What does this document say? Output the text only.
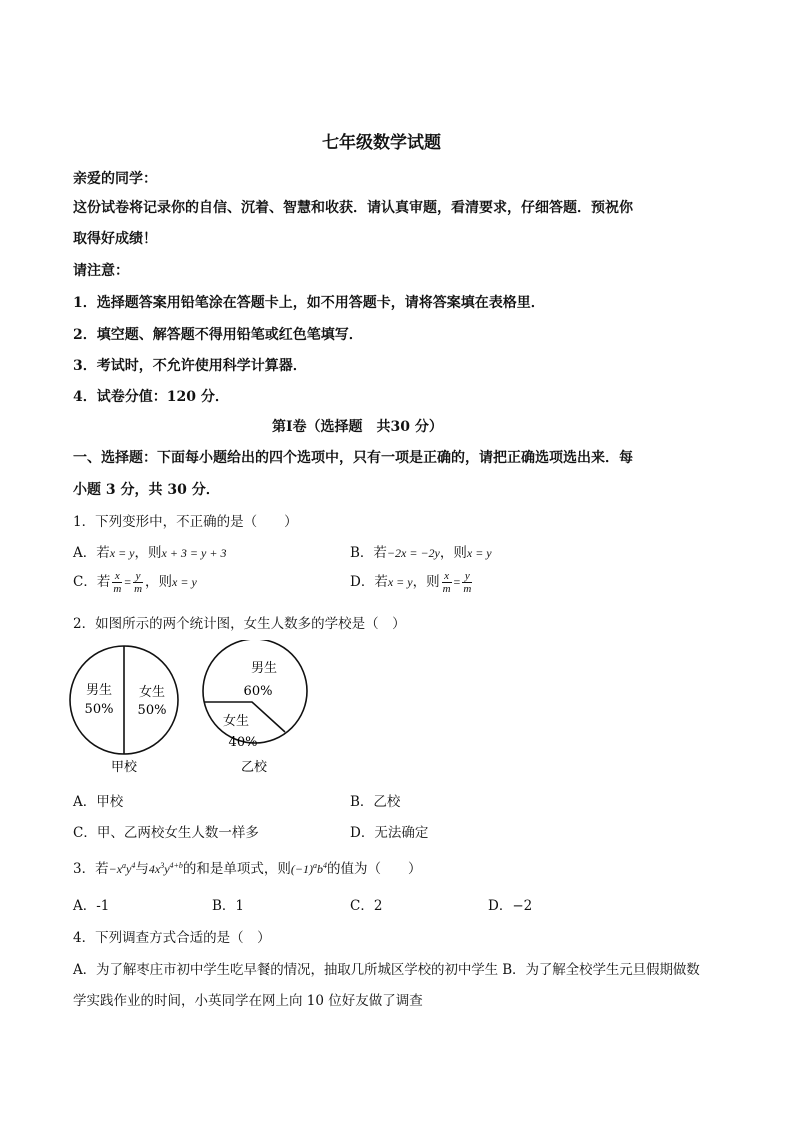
七年级数学试题
亲爱的同学：
这份试卷将记录你的自信、沉着、智慧和收获．请认真审题，看清要求，仔细答题．预祝你
取得好成绩！
请注意：
1．选择题答案用铅笔涂在答题卡上，如不用答题卡，请将答案填在表格里．
2．填空题、解答题不得用铅笔或红色笔填写．
3．考试时，不允许使用科学计算器．
4．试卷分值：120 分．
第Ⅰ卷（选择题　共30 分）
一、选择题：下面每小题给出的四个选项中，只有一项是正确的，请把正确选项选出来．每
小题 3 分，共 30 分．
1．下列变形中，不正确的是（　　）
A．若x = y，则x + 3 = y + 3	B．若−2x = −2y，则x = y
C．若 $\frac{x}{m} = \frac{y}{m}$ ，则x = y	D．若x = y，则 $\frac{x}{m} = \frac{y}{m}$
2．如图所示的两个统计图，女生人数多的学校是（　）
男生
50%
女生
50%
甲校
男生
60%
女生
40%
乙校
A．甲校	B．乙校
C．甲、乙两校女生人数一样多	D．无法确定
3．若$-x^ay^4$与$4x^3y^{4+b}$的和是单项式，则$(-1)^ab^4$的值为（　　）
A．-1	B．1	C．2	D．−2
4．下列调查方式合适的是（　）
A．为了解枣庄市初中学生吃早餐的情况，抽取几所城区学校的初中学生 B．为了解全校学生元旦假期做数
学实践作业的时间，小英同学在网上向 10 位好友做了调查
